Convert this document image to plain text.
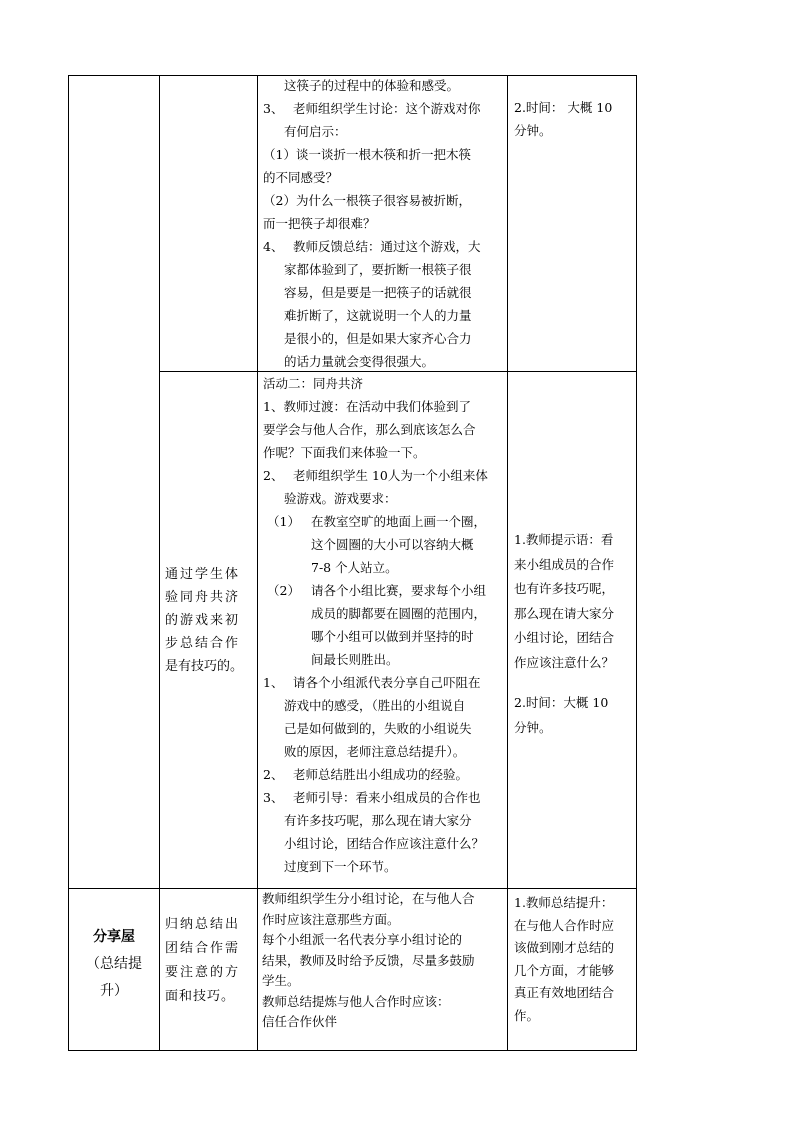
这筷子的过程中的体验和感受。

3、 老师组织学生讨论：这个游戏对你

有何启示：

（1）谈一谈折一根木筷和折一把木筷

的不同感受？

（2）为什么一根筷子很容易被折断，

而一把筷子却很难？

4、 教师反馈总结：通过这个游戏，大

家都体验到了，要折断一根筷子很

容易，但是要是一把筷子的话就很

难折断了，这就说明一个人的力量

是很小的，但是如果大家齐心合力

的话力量就会变得很强大。

2.时间： 大概 10

分钟。

通过学生体

验同舟共济

的游戏来初

步总结合作

是有技巧的。

活动二：同舟共济

1、教师过渡：在活动中我们体验到了

要学会与他人合作，那么到底该怎么合

作呢？下面我们来体验一下。

2、 老师组织学生 10人为一个小组来体

验游戏。游戏要求：

（1） 在教室空旷的地面上画一个圈，
这个圆圈的大小可以容纳大概
7-8 个人站立。
（2） 请各个小组比赛，要求每个小组
成员的脚都要在圆圈的范围内，
哪个小组可以做到并坚持的时
间最长则胜出。
1、 请各个小组派代表分享自己吓阻在

游戏中的感受，（胜出的小组说自

己是如何做到的，失败的小组说失

败的原因，老师注意总结提升）。

2、 老师总结胜出小组成功的经验。
3、 老师引导：看来小组成员的合作也

有许多技巧呢，那么现在请大家分

小组讨论，团结合作应该注意什么？

过度到下一个环节。

1.教师提示语：看

来小组成员的合作

也有许多技巧呢，

那么现在请大家分

小组讨论，团结合

作应该注意什么？

2.时间：大概 10

分钟。

分享屋

（总结提

升）

归纳总结出

团结合作需

要注意的方

面和技巧。

教师组织学生分小组讨论，在与他人合

作时应该注意那些方面。

每个小组派一名代表分享小组讨论的

结果，教师及时给予反馈，尽量多鼓励

学生。

教师总结提炼与他人合作时应该：

信任合作伙伴

1.教师总结提升：

在与他人合作时应

该做到刚才总结的

几个方面，才能够

真正有效地团结合

作。
